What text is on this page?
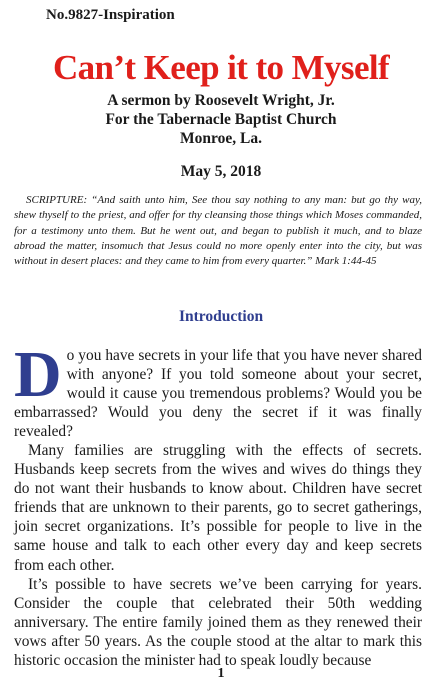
No.9827-Inspiration
Can’t Keep it to Myself
A sermon by Roosevelt Wright, Jr.
For the Tabernacle Baptist Church
Monroe, La.
May 5, 2018
SCRIPTURE: “And saith unto him, See thou say nothing to any man: but go thy way, shew thyself to the priest, and offer for thy cleansing those things which Moses commanded, for a testimony unto them. But he went out, and began to publish it much, and to blaze abroad the matter, insomuch that Jesus could no more openly enter into the city, but was without in desert places: and they came to him from every quarter.” Mark 1:44-45
Introduction

Do you have secrets in your life that you have never shared with anyone? If you told someone about your secret, would it cause you tremendous problems? Would you be embarrassed? Would you deny the secret if it was finally revealed?

Many families are struggling with the effects of secrets. Husbands keep secrets from the wives and wives do things they do not want their husbands to know about. Children have secret friends that are unknown to their parents, go to secret gatherings, join secret organizations. It’s possible for people to live in the same house and talk to each other every day and keep secrets from each other.

It’s possible to have secrets we’ve been carrying for years. Consider the couple that celebrated their 50th wedding anniversary. The entire family joined them as they renewed their vows after 50 years. As the couple stood at the altar to mark this historic occasion the minister had to speak loudly because

1
